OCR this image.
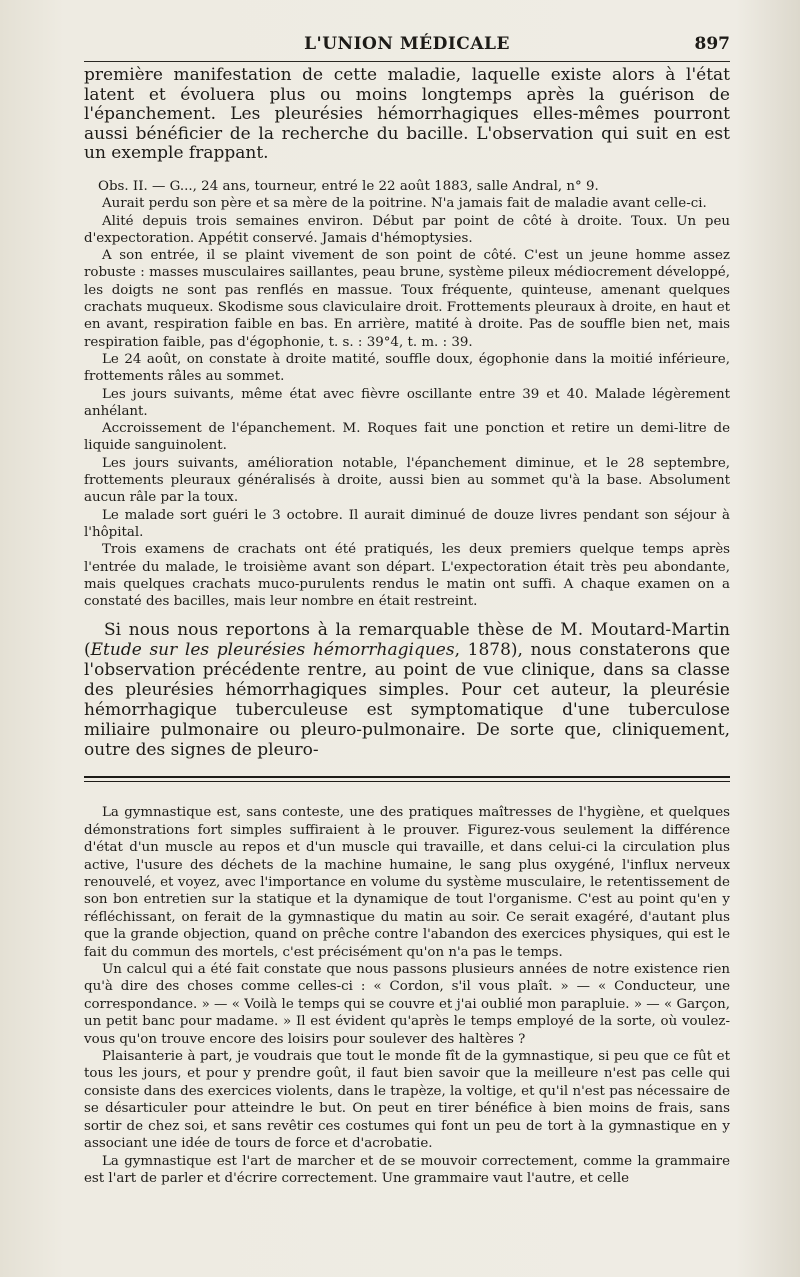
L'UNION MÉDICALE	897

première manifestation de cette maladie, laquelle existe alors à l'état latent et évoluera plus ou moins longtemps après la guérison de l'épanchement. Les pleurésies hémorrhagiques elles-mêmes pourront aussi bénéficier de la recherche du bacille. L'observation qui suit en est un exemple frappant.

Obs. II. — G..., 24 ans, tourneur, entré le 22 août 1883, salle Andral, n° 9.

Aurait perdu son père et sa mère de la poitrine. N'a jamais fait de maladie avant celle-ci.

Alité depuis trois semaines environ. Début par point de côté à droite. Toux. Un peu d'expectoration. Appétit conservé. Jamais d'hémoptysies.

A son entrée, il se plaint vivement de son point de côté. C'est un jeune homme assez robuste : masses musculaires saillantes, peau brune, système pileux médiocrement développé, les doigts ne sont pas renflés en massue. Toux fréquente, quinteuse, amenant quelques crachats muqueux. Skodisme sous claviculaire droit. Frottements pleuraux à droite, en haut et en avant, respiration faible en bas. En arrière, matité à droite. Pas de souffle bien net, mais respiration faible, pas d'égophonie, t. s. : 39°4, t. m. : 39.

Le 24 août, on constate à droite matité, souffle doux, égophonie dans la moitié inférieure, frottements râles au sommet.

Les jours suivants, même état avec fièvre oscillante entre 39 et 40. Malade légèrement anhélant.

Accroissement de l'épanchement. M. Roques fait une ponction et retire un demi-litre de liquide sanguinolent.

Les jours suivants, amélioration notable, l'épanchement diminue, et le 28 septembre, frottements pleuraux généralisés à droite, aussi bien au sommet qu'à la base. Absolument aucun râle par la toux.

Le malade sort guéri le 3 octobre. Il aurait diminué de douze livres pendant son séjour à l'hôpital.

Trois examens de crachats ont été pratiqués, les deux premiers quelque temps après l'entrée du malade, le troisième avant son départ. L'expectoration était très peu abondante, mais quelques crachats muco-purulents rendus le matin ont suffi. A chaque examen on a constaté des bacilles, mais leur nombre en était restreint.

Si nous nous reportons à la remarquable thèse de M. Moutard-Martin (Etude sur les pleurésies hémorrhagiques, 1878), nous constaterons que l'observation précédente rentre, au point de vue clinique, dans sa classe des pleurésies hémorrhagiques simples. Pour cet auteur, la pleurésie hémorrhagique tuberculeuse est symptomatique d'une tuberculose miliaire pulmonaire ou pleuro-pulmonaire. De sorte que, cliniquement, outre des signes de pleuro-

La gymnastique est, sans conteste, une des pratiques maîtresses de l'hygiène, et quelques démonstrations fort simples suffiraient à le prouver. Figurez-vous seulement la différence d'état d'un muscle au repos et d'un muscle qui travaille, et dans celui-ci la circulation plus active, l'usure des déchets de la machine humaine, le sang plus oxygéné, l'influx nerveux renouvelé, et voyez, avec l'importance en volume du système musculaire, le retentissement de son bon entretien sur la statique et la dynamique de tout l'organisme. C'est au point qu'en y réfléchissant, on ferait de la gymnastique du matin au soir. Ce serait exagéré, d'autant plus que la grande objection, quand on prêche contre l'abandon des exercices physiques, qui est le fait du commun des mortels, c'est précisément qu'on n'a pas le temps.

Un calcul qui a été fait constate que nous passons plusieurs années de notre existence rien qu'à dire des choses comme celles-ci : « Cordon, s'il vous plaît. » — « Conducteur, une correspondance. » — « Voilà le temps qui se couvre et j'ai oublié mon parapluie. » — « Garçon, un petit banc pour madame. » Il est évident qu'après le temps employé de la sorte, où voulez-vous qu'on trouve encore des loisirs pour soulever des haltères ?

Plaisanterie à part, je voudrais que tout le monde fît de la gymnastique, si peu que ce fût et tous les jours, et pour y prendre goût, il faut bien savoir que la meilleure n'est pas celle qui consiste dans des exercices violents, dans le trapèze, la voltige, et qu'il n'est pas nécessaire de se désarticuler pour atteindre le but. On peut en tirer bénéfice à bien moins de frais, sans sortir de chez soi, et sans revêtir ces costumes qui font un peu de tort à la gymnastique en y associant une idée de tours de force et d'acrobatie.

La gymnastique est l'art de marcher et de se mouvoir correctement, comme la grammaire est l'art de parler et d'écrire correctement. Une grammaire vaut l'autre, et celle
